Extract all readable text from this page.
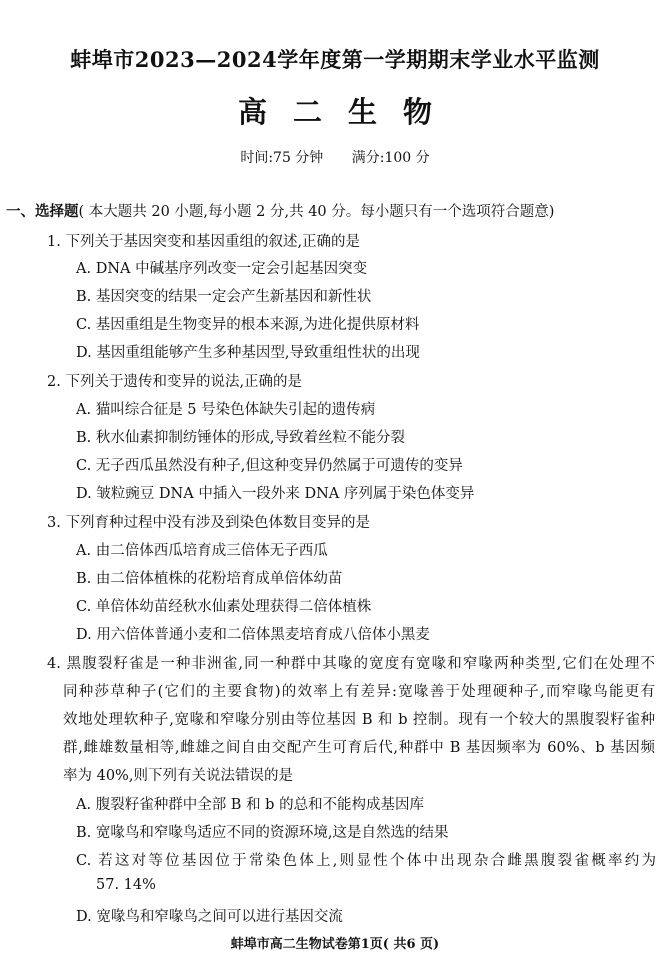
蚌埠市2023—2024学年度第一学期期末学业水平监测
高二生物
时间:75 分钟 满分:100 分
一、选择题( 本大题共 20 小题,每小题 2 分,共 40 分。每小题只有一个选项符合题意)
1. 下列关于基因突变和基因重组的叙述,正确的是
A. DNA 中碱基序列改变一定会引起基因突变
B. 基因突变的结果一定会产生新基因和新性状
C. 基因重组是生物变异的根本来源,为进化提供原材料
D. 基因重组能够产生多种基因型,导致重组性状的出现
2. 下列关于遗传和变异的说法,正确的是
A. 猫叫综合征是 5 号染色体缺失引起的遗传病
B. 秋水仙素抑制纺锤体的形成,导致着丝粒不能分裂
C. 无子西瓜虽然没有种子,但这种变异仍然属于可遗传的变异
D. 皱粒豌豆 DNA 中插入一段外来 DNA 序列属于染色体变异
3. 下列育种过程中没有涉及到染色体数目变异的是
A. 由二倍体西瓜培育成三倍体无子西瓜
B. 由二倍体植株的花粉培育成单倍体幼苗
C. 单倍体幼苗经秋水仙素处理获得二倍体植株
D. 用六倍体普通小麦和二倍体黑麦培育成八倍体小黑麦
4. 黑腹裂籽雀是一种非洲雀,同一种群中其喙的宽度有宽喙和窄喙两种类型,它们在处理不
同种莎草种子(它们的主要食物)的效率上有差异:宽喙善于处理硬种子,而窄喙鸟能更有
效地处理软种子,宽喙和窄喙分别由等位基因 B 和 b 控制。现有一个较大的黑腹裂籽雀种
群,雌雄数量相等,雌雄之间自由交配产生可育后代,种群中 B 基因频率为 60%、b 基因频
率为 40%,则下列有关说法错误的是
A. 腹裂籽雀种群中全部 B 和 b 的总和不能构成基因库
B. 宽喙鸟和窄喙鸟适应不同的资源环境,这是自然选的结果
C. 若这对等位基因位于常染色体上,则显性个体中出现杂合雌黑腹裂雀概率约为
57. 14%
D. 宽喙鸟和窄喙鸟之间可以进行基因交流
蚌埠市高二生物试卷第1页( 共6 页)
